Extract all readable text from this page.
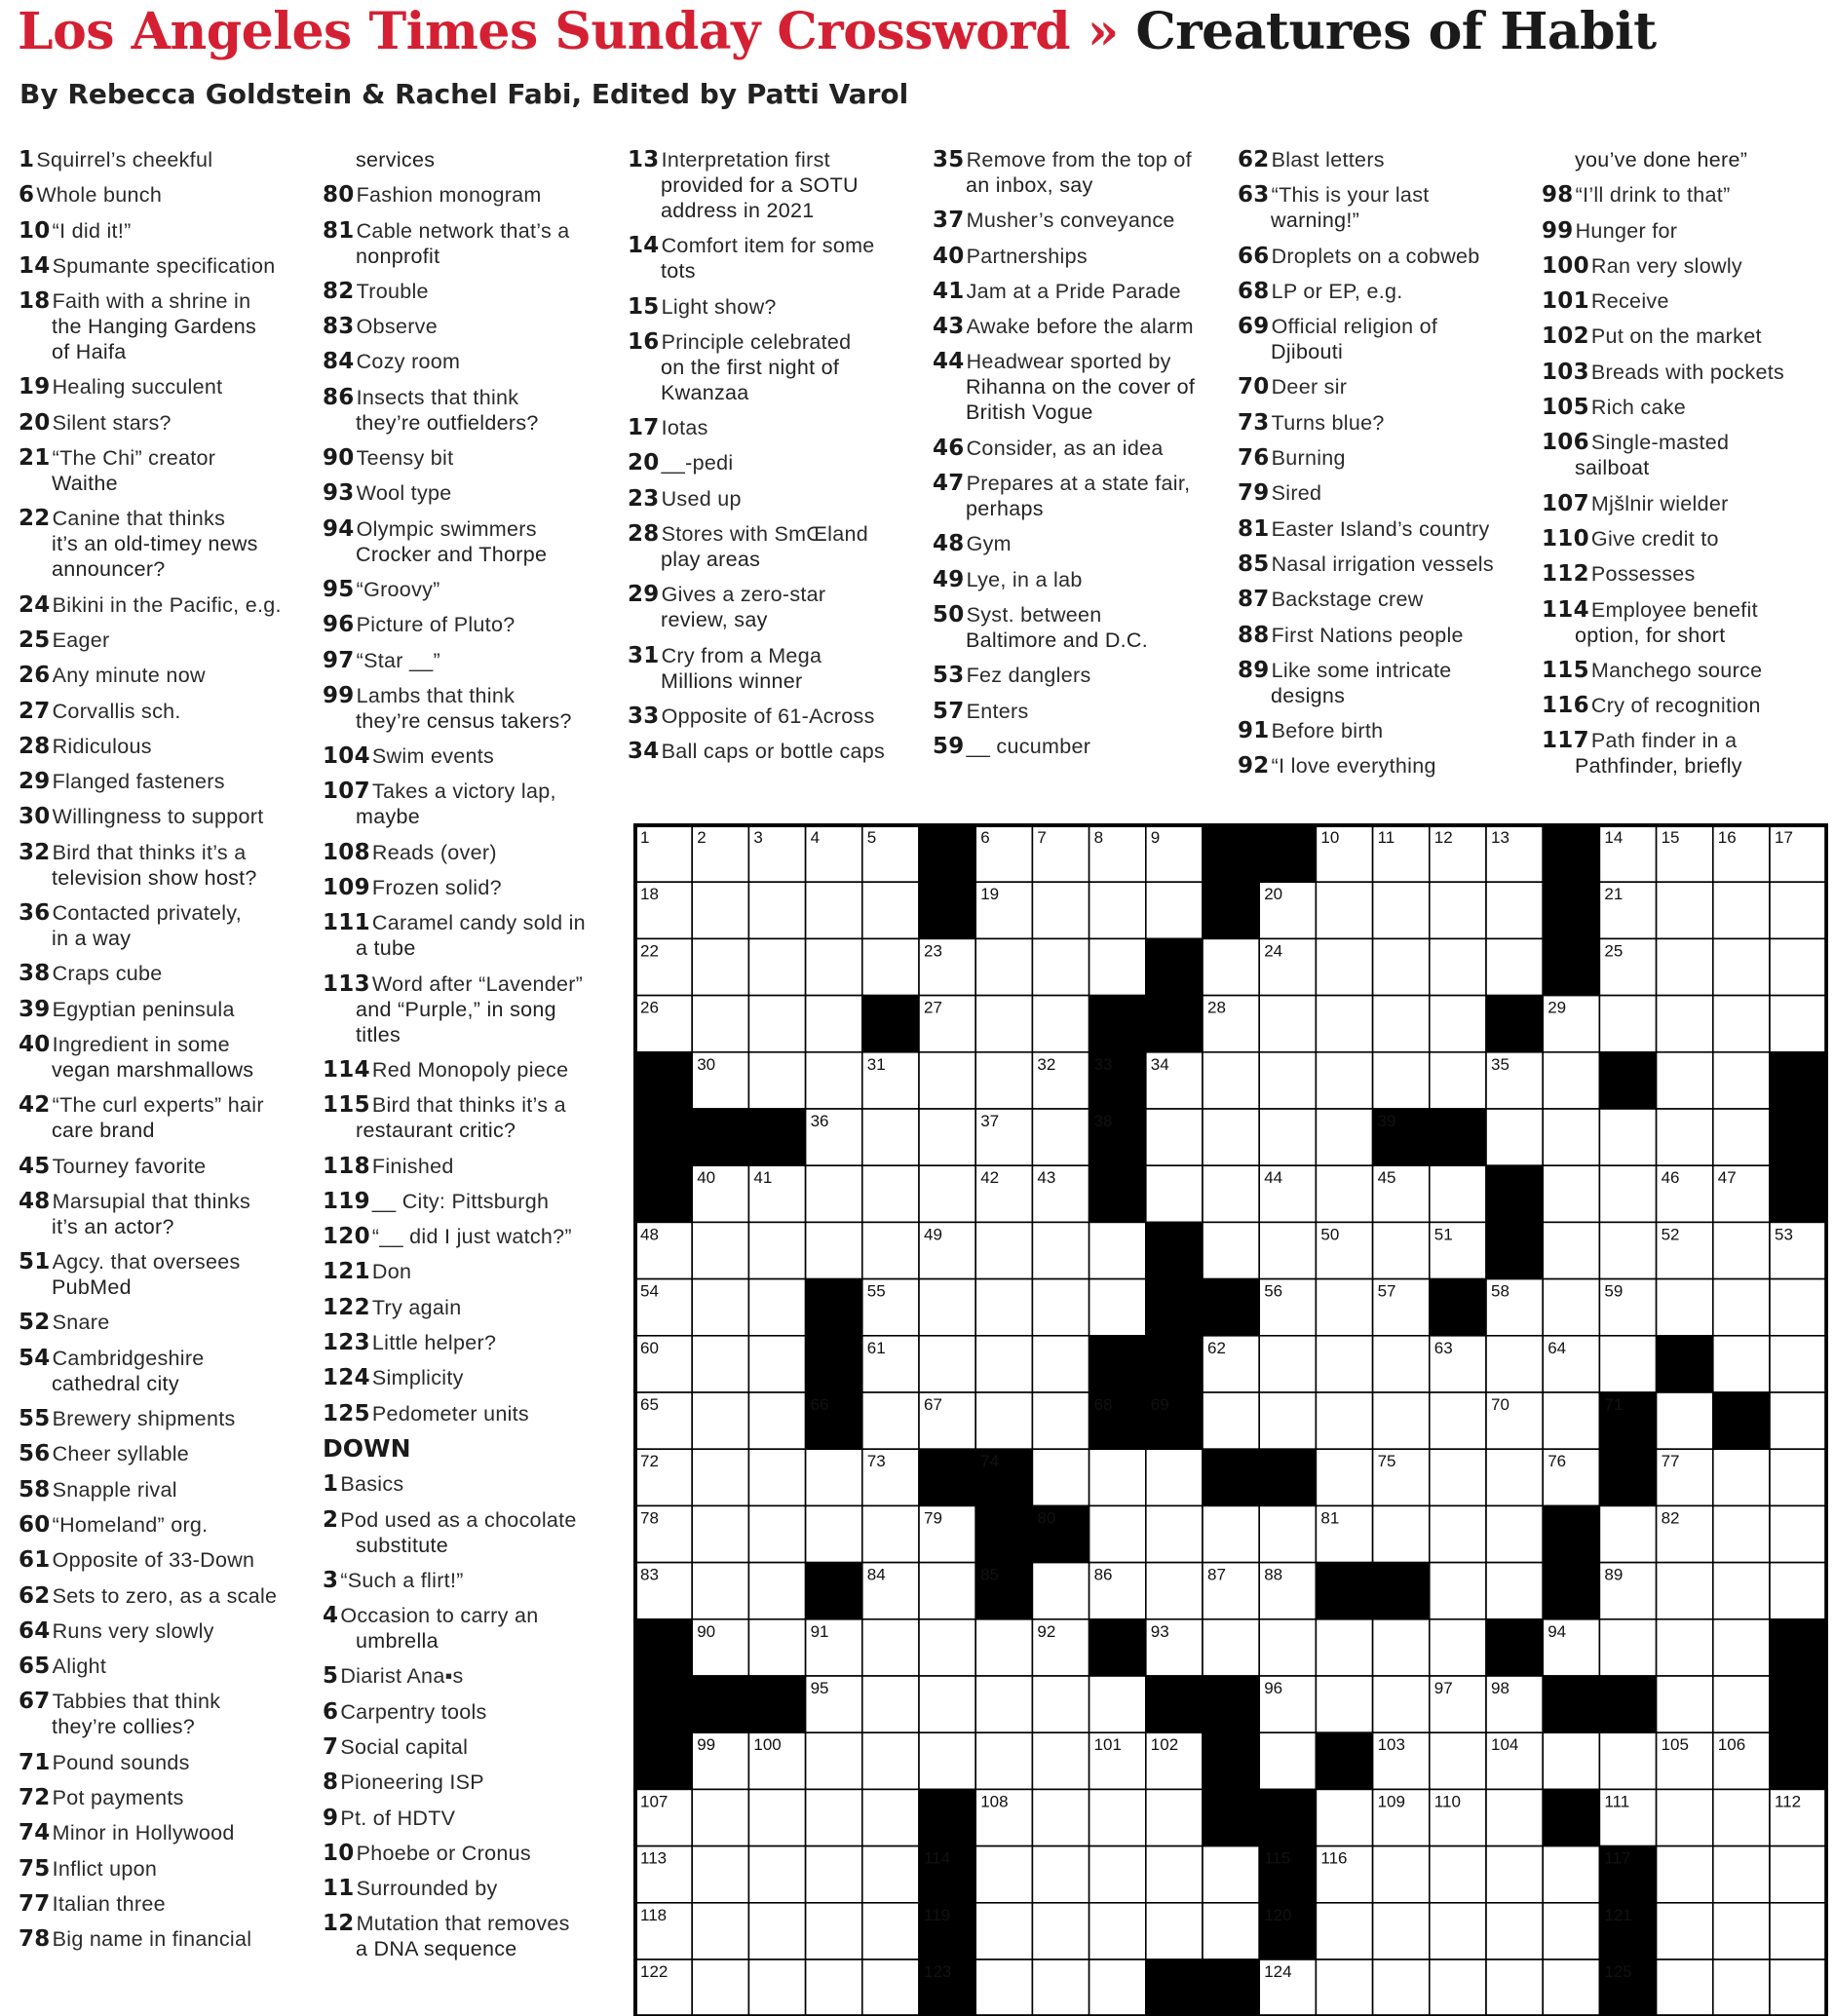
Los Angeles Times Sunday Crossword » Creatures of Habit

By Rebecca Goldstein & Rachel Fabi, Edited by Patti Varol

1Squirrel’s cheekful

6Whole bunch

10“I did it!”

14Spumante specification

18Faith with a shrine in
the Hanging Gardens
of Haifa

19Healing succulent

20Silent stars?

21“The Chi” creator
Waithe

22Canine that thinks
it’s an old-timey news
announcer?

24Bikini in the Pacific, e.g.

25Eager

26Any minute now

27Corvallis sch.

28Ridiculous

29Flanged fasteners

30Willingness to support

32Bird that thinks it’s a
television show host?

36Contacted privately,
in a way

38Craps cube

39Egyptian peninsula

40Ingredient in some
vegan marshmallows

42“The curl experts” hair
care brand

45Tourney favorite

48Marsupial that thinks
it’s an actor?

51Agcy. that oversees
PubMed

52Snare

54Cambridgeshire
cathedral city

55Brewery shipments

56Cheer syllable

58Snapple rival

60“Homeland” org.

61Opposite of 33-Down

62Sets to zero, as a scale

64Runs very slowly

65Alight

67Tabbies that think
they’re collies?

71Pound sounds

72Pot payments

74Minor in Hollywood

75Inflict upon

77Italian three

78Big name in financial

services

80Fashion monogram

81Cable network that’s a
nonprofit

82Trouble

83Observe

84Cozy room

86Insects that think
they’re outfielders?

90Teensy bit

93Wool type

94Olympic swimmers
Crocker and Thorpe

95“Groovy”

96Picture of Pluto?

97“Star __”

99Lambs that think
they’re census takers?

104Swim events

107Takes a victory lap,
maybe

108Reads (over)

109Frozen solid?

111Caramel candy sold in
a tube

113Word after “Lavender”
and “Purple,” in song
titles

114Red Monopoly piece

115Bird that thinks it’s a
restaurant critic?

118Finished

119__ City: Pittsburgh

120“__ did I just watch?”

121Don

122Try again

123Little helper?

124Simplicity

125Pedometer units

DOWN

1Basics

2Pod used as a chocolate
substitute

3“Such a flirt!”

4Occasion to carry an
umbrella

5Diarist Ana▪s

6Carpentry tools

7Social capital

8Pioneering ISP

9Pt. of HDTV

10Phoebe or Cronus

11Surrounded by

12Mutation that removes
a DNA sequence

13Interpretation first
provided for a SOTU
address in 2021

14Comfort item for some
tots

15Light show?

16Principle celebrated
on the first night of
Kwanzaa

17Iotas

20__-pedi

23Used up

28Stores with SmŒland
play areas

29Gives a zero-star
review, say

31Cry from a Mega
Millions winner

33Opposite of 61-Across

34Ball caps or bottle caps

35Remove from the top of
an inbox, say

37Musher’s conveyance

40Partnerships

41Jam at a Pride Parade

43Awake before the alarm

44Headwear sported by
Rihanna on the cover of
British Vogue

46Consider, as an idea

47Prepares at a state fair,
perhaps

48Gym

49Lye, in a lab

50Syst. between
Baltimore and D.C.

53Fez danglers

57Enters

59__ cucumber

62Blast letters

63“This is your last
warning!”

66Droplets on a cobweb

68LP or EP, e.g.

69Official religion of
Djibouti

70Deer sir

73Turns blue?

76Burning

79Sired

81Easter Island’s country

85Nasal irrigation vessels

87Backstage crew

88First Nations people

89Like some intricate
designs

91Before birth

92“I love everything

you’ve done here”

98“I’ll drink to that”

99Hunger for

100Ran very slowly

101Receive

102Put on the market

103Breads with pockets

105Rich cake

106Single-masted
sailboat

107Mjšlnir wielder

110Give credit to

112Possesses

114Employee benefit
option, for short

115Manchego source

116Cry of recognition

117Path finder in a
Pathfinder, briefly

1	2	3	4	5	6	7	8	9	10 11 12 13	14 15 16 17
18	19	20	21
22	23	24	25
26	27	28	29
30	31	32 33 34	35
36	37	38	39
40 41	42 43	44	45	46 47
48	49	50	51	52	53
54	55	56	57	58	59
60	61	62	63	64
65	66	67	68 69	70	71
72	73	74	75	76	77
78	79	80	81	82
83	84	85	86	87 88	89
90	91	92	93	94
95	96	97 98
99 100	101 102	103	104	105 106
107	108	109 110	111	112
113	114	115 116	117
118	119	120	121
122	123	124	125
